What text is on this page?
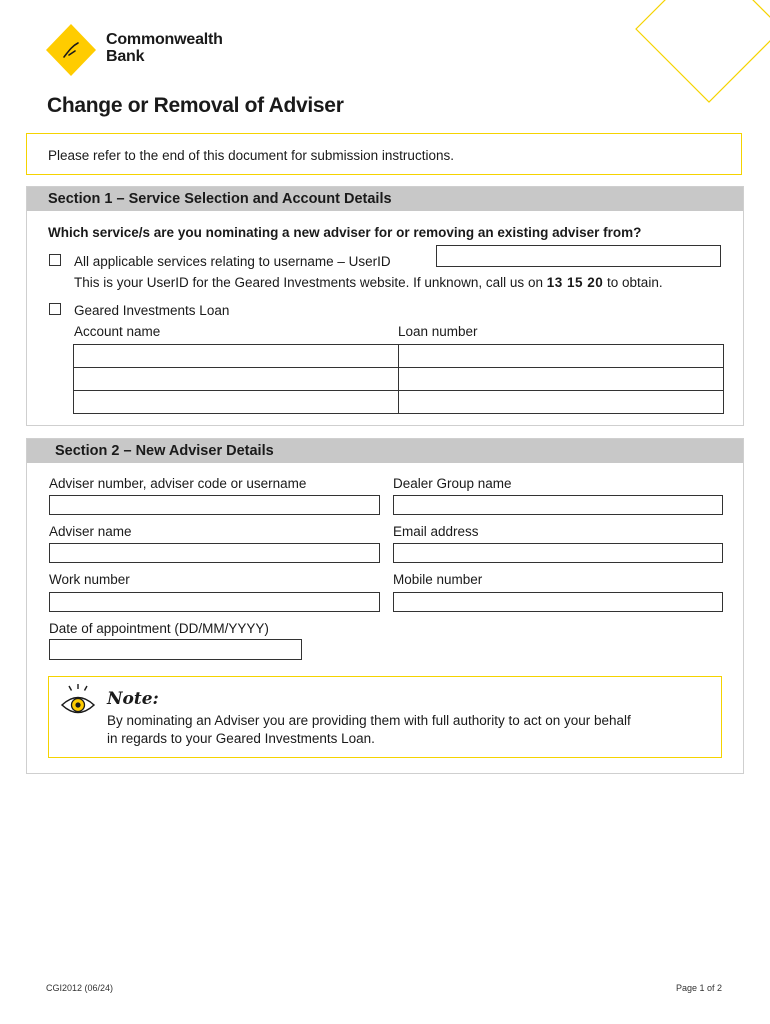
Commonwealth
Bank
Change or Removal of Adviser
Please refer to the end of this document for submission instructions.
Section 1 – Service Selection and Account Details
Which service/s are you nominating a new adviser for or removing an existing adviser from?
All applicable services relating to username – UserID
This is your UserID for the Geared Investments website. If unknown, call us on 13 15 20 to obtain.
Geared Investments Loan
Account name	Loan number

Section 2 – New Adviser Details
Adviser number, adviser code or username	Dealer Group name
Adviser name	Email address
Work number	Mobile number
Date of appointment (DD/MM/YYYY)
Note:
By nominating an Adviser you are providing them with full authority to act on your behalf
in regards to your Geared Investments Loan.
CGI2012 (06/24)	Page 1 of 2
